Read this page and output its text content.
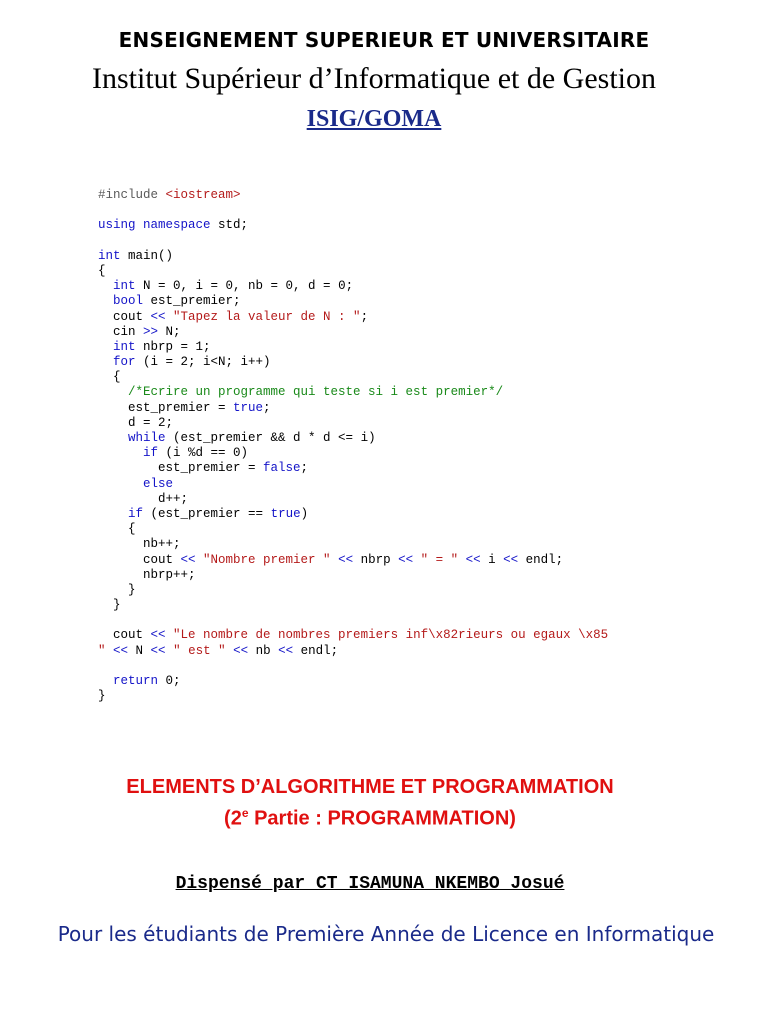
ENSEIGNEMENT SUPERIEUR ET UNIVERSITAIRE
Institut Supérieur d’Informatique et de Gestion
ISIG/GOMA
#include <iostream>
using namespace std;
int main()
{
int N = 0, i = 0, nb = 0, d = 0;
bool est_premier;
cout << "Tapez la valeur de N : ";
cin >> N;
int nbrp = 1;
for (i = 2; i<N; i++)
{
/*Ecrire un programme qui teste si i est premier*/
est_premier = true;
d = 2;
while (est_premier && d * d <= i)
if (i %d == 0)
est_premier = false;
else
d++;
if (est_premier == true)
{
nb++;
cout << "Nombre premier " << nbrp << " = " << i << endl;
nbrp++;
}
}
cout << "Le nombre de nombres premiers inf\x82rieurs ou egaux \x85
" << N << " est " << nb << endl;
return 0;
}
ELEMENTS D’ALGORITHME ET PROGRAMMATION
(2e Partie : PROGRAMMATION)
Dispensé par CT ISAMUNA NKEMBO Josué
Pour les étudiants de Première Année de Licence en Informatique
